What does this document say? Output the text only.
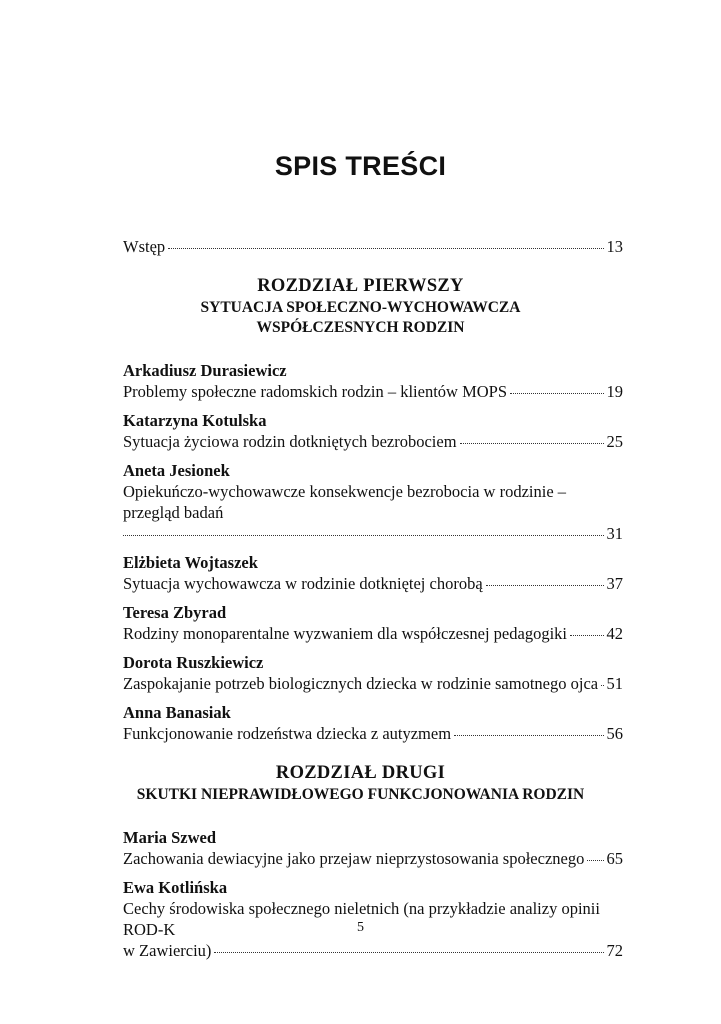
SPIS TREŚCI
Wstęp	13
ROZDZIAŁ PIERWSZY
SYTUACJA SPOŁECZNO-WYCHOWAWCZA
WSPÓŁCZESNYCH RODZIN
Arkadiusz Durasiewicz
Problemy społeczne radomskich rodzin – klientów MOPS	19
Katarzyna Kotulska
Sytuacja życiowa rodzin dotkniętych bezrobociem	25
Aneta Jesionek
Opiekuńczo-wychowawcze konsekwencje bezrobocia w rodzinie – przegląd badań
31
Elżbieta Wojtaszek
Sytuacja wychowawcza w rodzinie dotkniętej chorobą	37
Teresa Zbyrad
Rodziny monoparentalne wyzwaniem dla współczesnej pedagogiki 42
Dorota Ruszkiewicz
Zaspokajanie potrzeb biologicznych dziecka w rodzinie samotnego ojca 51
Anna Banasiak
Funkcjonowanie rodzeństwa dziecka z autyzmem	56
ROZDZIAŁ DRUGI
SKUTKI NIEPRAWIDŁOWEGO FUNKCJONOWANIA RODZIN
Maria Szwed
Zachowania dewiacyjne jako przejaw nieprzystosowania społecznego 65
Ewa Kotlińska
Cechy środowiska społecznego nieletnich (na przykładzie analizy opinii ROD-K
w Zawierciu)	72
5
